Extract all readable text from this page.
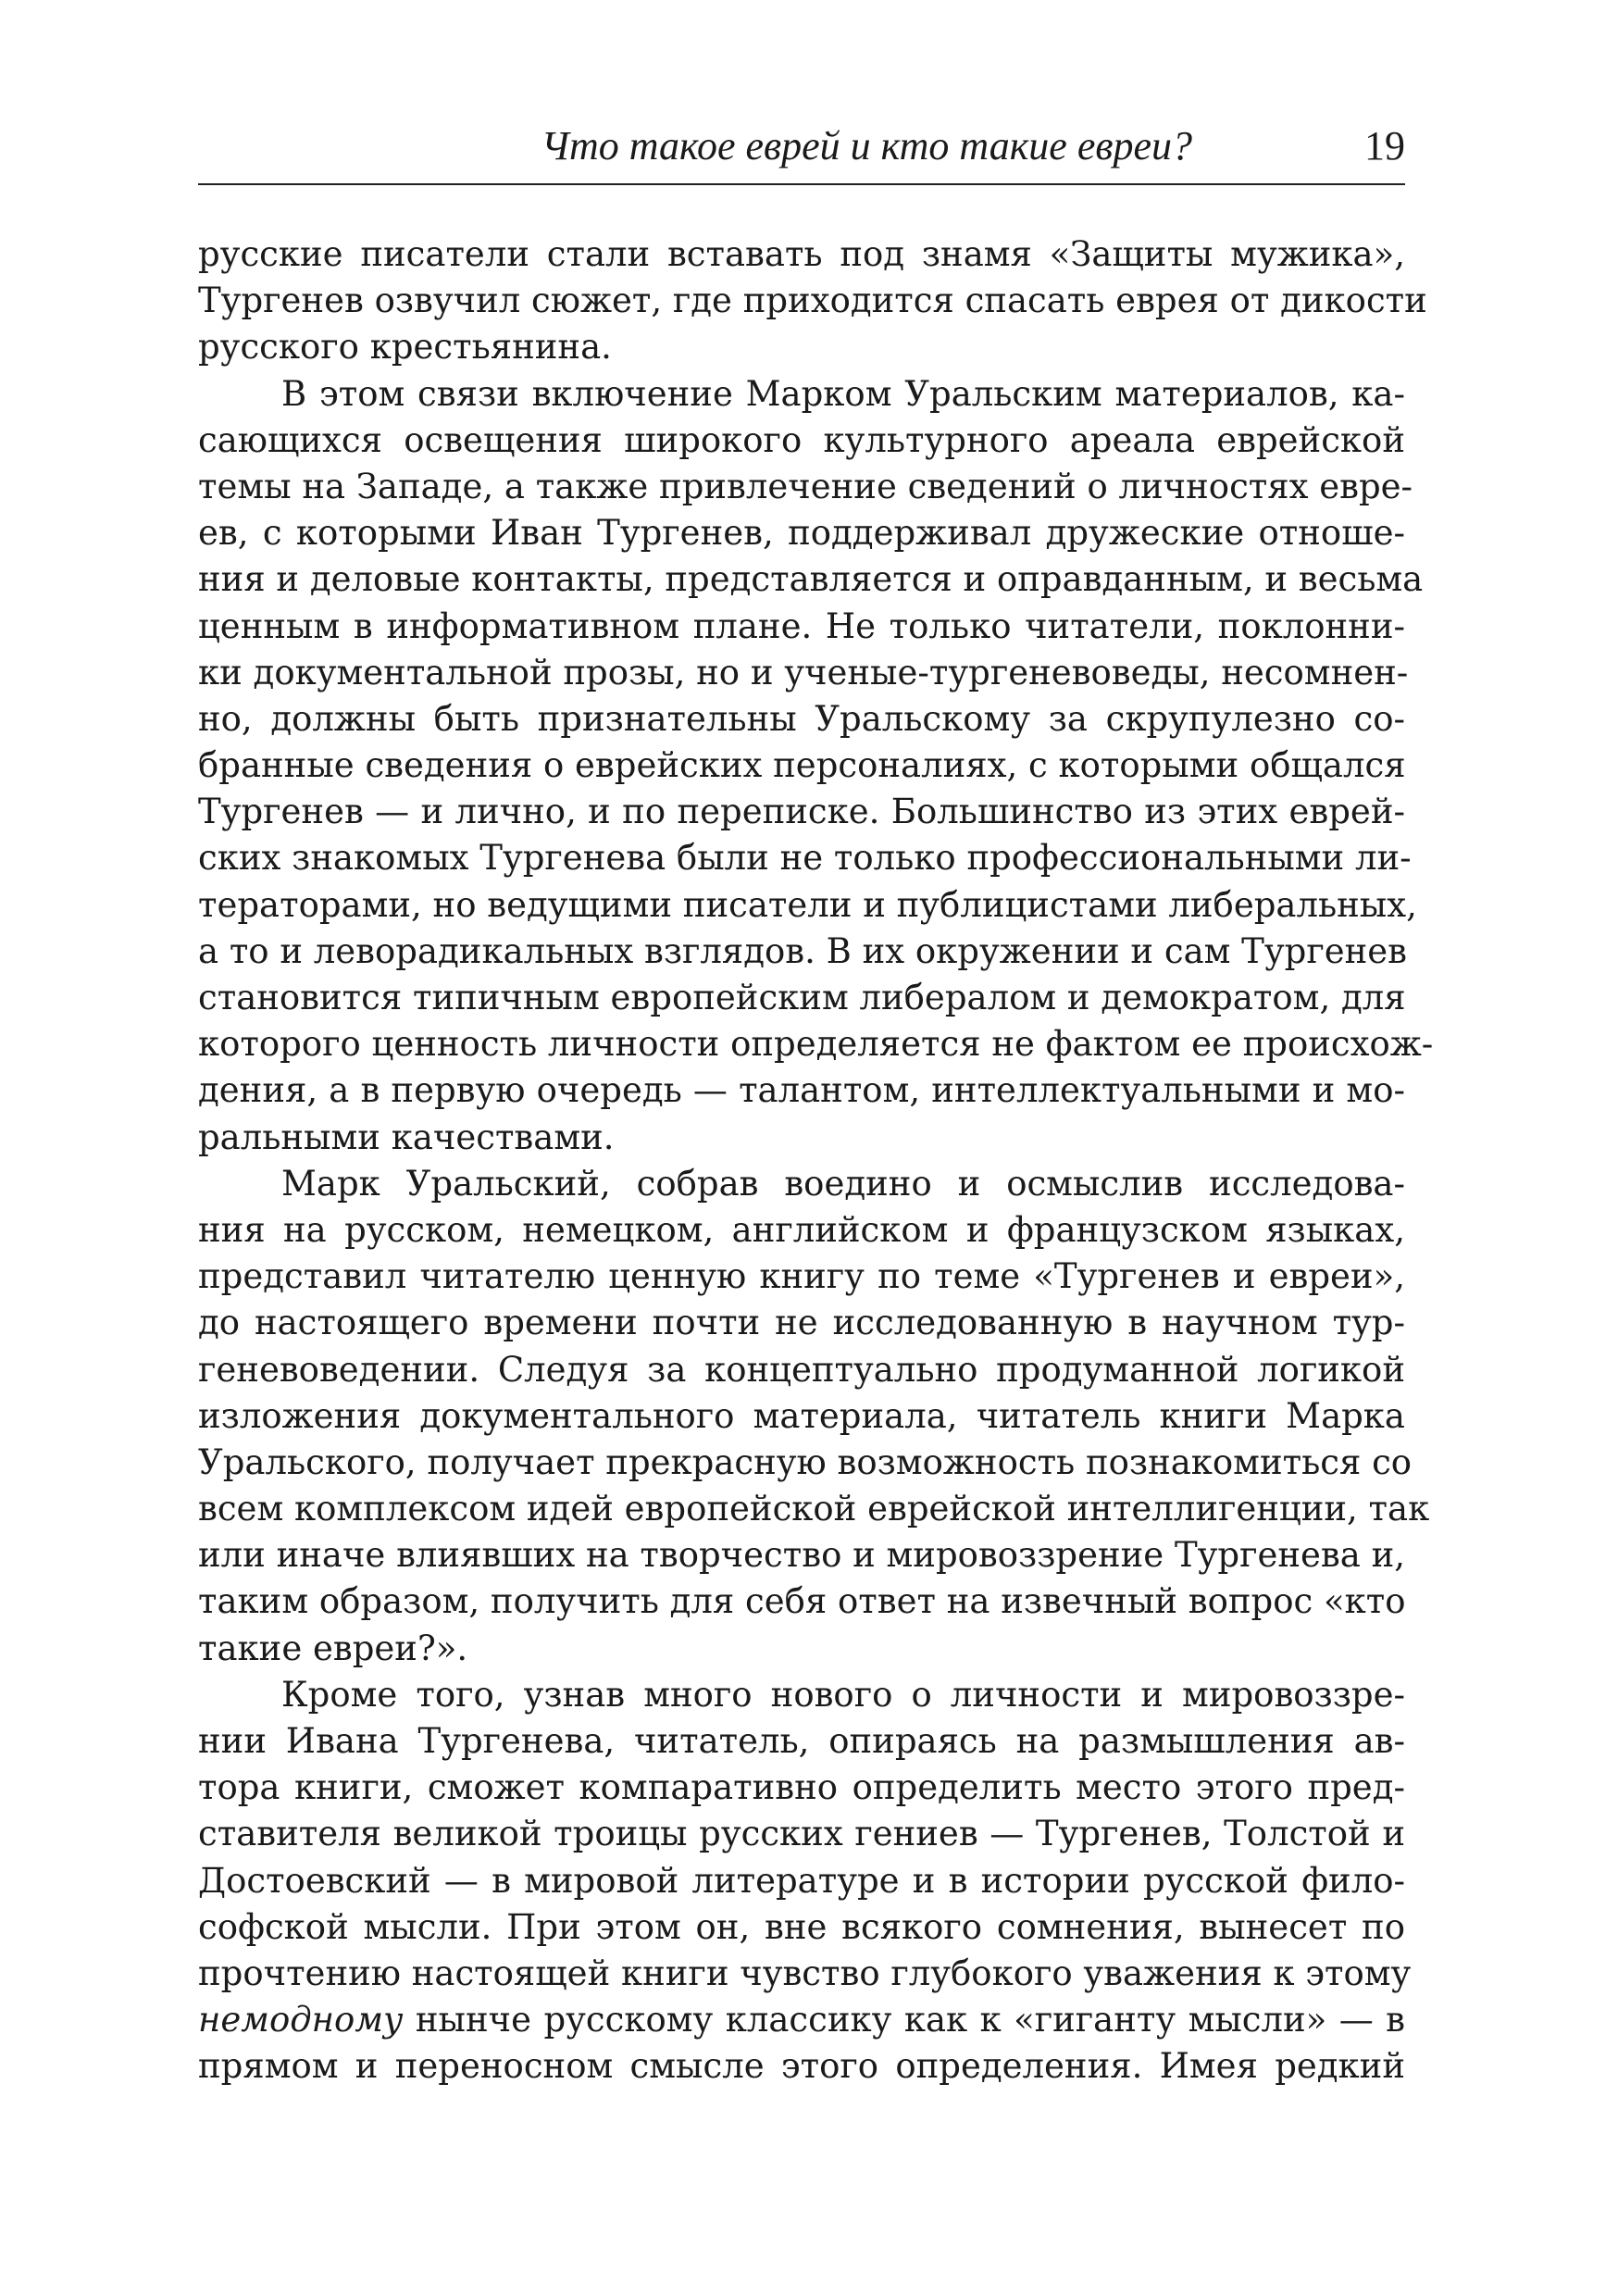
Что такое еврей и кто такие евреи?	19
русские писатели стали вставать под знамя «Защиты мужика»,
Тургенев озвучил сюжет, где приходится спасать еврея от дикости
русского крестьянина.
В этом связи включение Марком Уральским материалов, ка-
сающихся освещения широкого культурного ареала еврейской
темы на Западе, а также привлечение сведений о личностях евре-
ев, с которыми Иван Тургенев, поддерживал дружеские отноше-
ния и деловые контакты, представляется и оправданным, и весьма
ценным в информативном плане. Не только читатели, поклонни-
ки документальной прозы, но и ученые-тургеневоведы, несомнен-
но, должны быть признательны Уральскому за скрупулезно со-
бранные сведения о еврейских персоналиях, с которыми общался
Тургенев — и лично, и по переписке. Большинство из этих еврей-
ских знакомых Тургенева были не только профессиональными ли-
тераторами, но ведущими писатели и публицистами либеральных,
а то и леворадикальных взглядов. В их окружении и сам Тургенев
становится типичным европейским либералом и демократом, для
которого ценность личности определяется не фактом ее происхож-
дения, а в первую очередь — талантом, интеллектуальными и мо-
ральными качествами.
Марк Уральский, собрав воедино и осмыслив исследова-
ния на русском, немецком, английском и французском языках,
представил читателю ценную книгу по теме «Тургенев и евреи»,
до настоящего времени почти не исследованную в научном тур-
геневоведении. Следуя за концептуально продуманной логикой
изложения документального материала, читатель книги Марка
Уральского, получает прекрасную возможность познакомиться со
всем комплексом идей европейской еврейской интеллигенции, так
или иначе влиявших на творчество и мировоззрение Тургенева и,
таким образом, получить для себя ответ на извечный вопрос «кто
такие евреи?».
Кроме того, узнав много нового о личности и мировоззре-
нии Ивана Тургенева, читатель, опираясь на размышления ав-
тора книги, сможет компаративно определить место этого пред-
ставителя великой троицы русских гениев — Тургенев, Толстой и
Достоевский — в мировой литературе и в истории русской фило-
софской мысли. При этом он, вне всякого сомнения, вынесет по
прочтению настоящей книги чувство глубокого уважения к этому
немодному нынче русскому классику как к «гиганту мысли» — в
прямом и переносном смысле этого определения. Имея редкий
